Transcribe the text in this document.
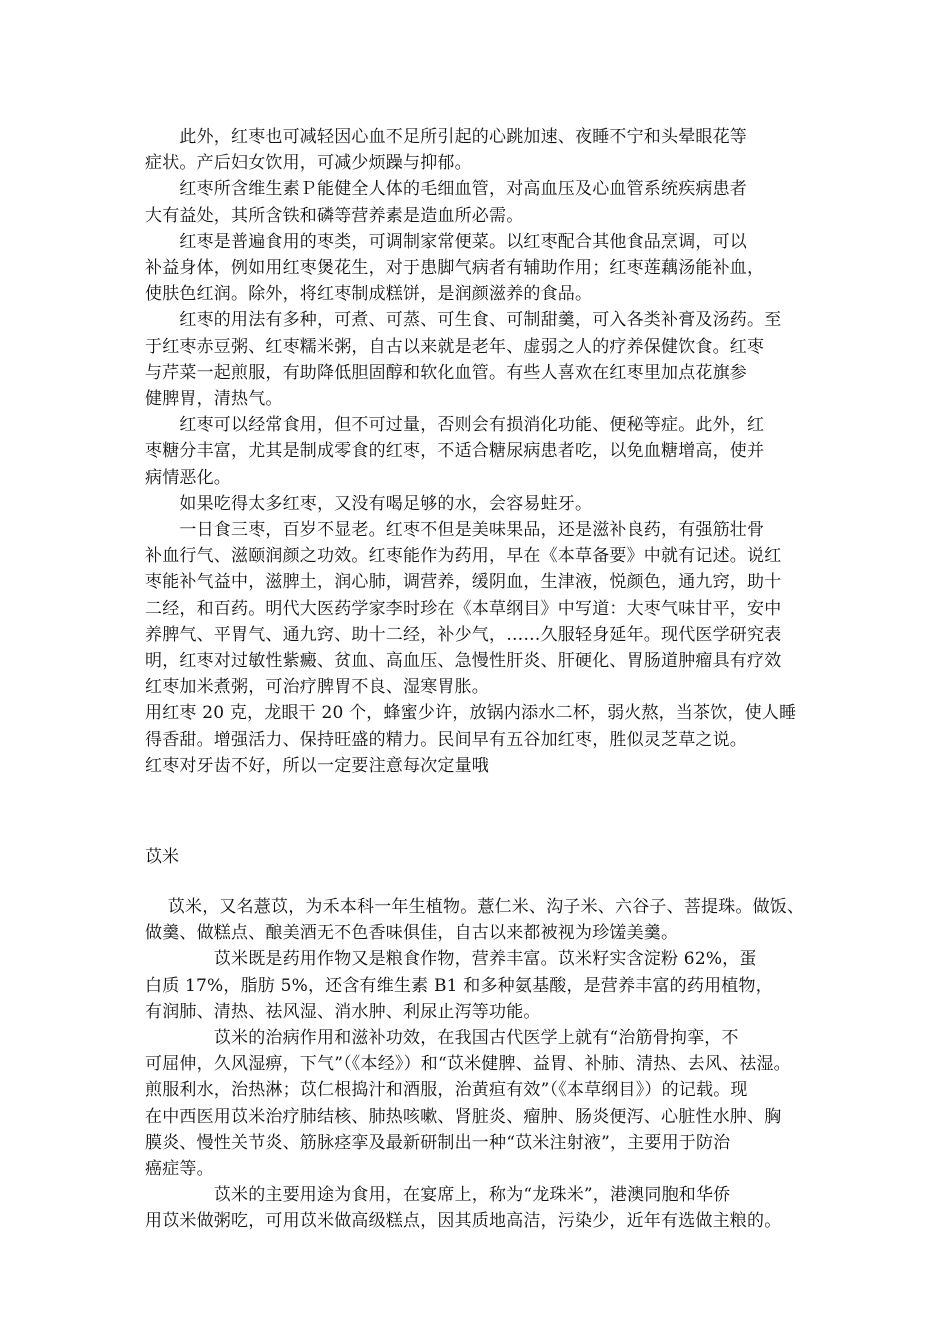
　　此外，红枣也可减轻因心血不足所引起的心跳加速、夜睡不宁和头晕眼花等
症状。产后妇女饮用，可减少烦躁与抑郁。
　　红枣所含维生素Ｐ能健全人体的毛细血管，对高血压及心血管系统疾病患者
大有益处，其所含铁和磷等营养素是造血所必需。
　　红枣是普遍食用的枣类，可调制家常便菜。以红枣配合其他食品烹调，可以
补益身体，例如用红枣煲花生，对于患脚气病者有辅助作用；红枣莲藕汤能补血，
使肤色红润。除外，将红枣制成糕饼，是润颜滋养的食品。
　　红枣的用法有多种，可煮、可蒸、可生食、可制甜羹，可入各类补膏及汤药。至
于红枣赤豆粥、红枣糯米粥，自古以来就是老年、虚弱之人的疗养保健饮食。红枣
与芹菜一起煎服，有助降低胆固醇和软化血管。有些人喜欢在红枣里加点花旗参
健脾胃，清热气。
　　红枣可以经常食用，但不可过量，否则会有损消化功能、便秘等症。此外，红
枣糖分丰富，尤其是制成零食的红枣，不适合糖尿病患者吃，以免血糖增高，使并
病情恶化。
　　如果吃得太多红枣，又没有喝足够的水，会容易蛀牙。
　　一日食三枣，百岁不显老。红枣不但是美味果品，还是滋补良药，有强筋壮骨
补血行气、滋颐润颜之功效。红枣能作为药用，早在《本草备要》中就有记述。说红
枣能补气益中，滋脾土，润心肺，调营养，缓阴血，生津液，悦颜色，通九窍，助十
二经，和百药。明代大医药学家李时珍在《本草纲目》中写道：大枣气味甘平，安中
养脾气、平胃气、通九窍、助十二经，补少气，……久服轻身延年。现代医学研究表
明，红枣对过敏性紫癜、贫血、高血压、急慢性肝炎、肝硬化、胃肠道肿瘤具有疗效
红枣加米煮粥，可治疗脾胃不良、湿寒胃胀。
用红枣 20 克，龙眼干 20 个，蜂蜜少许，放锅内添水二杯，弱火熬，当茶饮，使人睡
得香甜。增强活力、保持旺盛的精力。民间早有五谷加红枣，胜似灵芝草之说。
红枣对牙齿不好，所以一定要注意每次定量哦
苡米
　 苡米，又名薏苡，为禾本科一年生植物。薏仁米、沟子米、六谷子、菩提珠。做饭、
做羹、做糕点、酿美酒无不色香味俱佳，自古以来都被视为珍馐美羹。
　　　　苡米既是药用作物又是粮食作物，营养丰富。苡米籽实含淀粉 62%，蛋
白质 17%，脂肪 5%，还含有维生素 B1 和多种氨基酸，是营养丰富的药用植物，
有润肺、清热、祛风湿、消水肿、利尿止泻等功能。
　　　　苡米的治病作用和滋补功效，在我国古代医学上就有“治筋骨拘挛，不
可屈伸，久风湿痹，下气”（《本经》）和“苡米健脾、益胃、补肺、清热、去风、祛湿。
煎服利水，治热淋；苡仁根捣汁和酒服，治黄疸有效”（《本草纲目》）的记载。现
在中西医用苡米治疗肺结核、肺热咳嗽、肾脏炎、瘤肿、肠炎便泻、心脏性水肿、胸
膜炎、慢性关节炎、筋脉痉挛及最新研制出一种“苡米注射液”，主要用于防治
癌症等。
　　　　苡米的主要用途为食用，在宴席上，称为“龙珠米”，港澳同胞和华侨
用苡米做粥吃，可用苡米做高级糕点，因其质地高洁，污染少，近年有选做主粮的。
